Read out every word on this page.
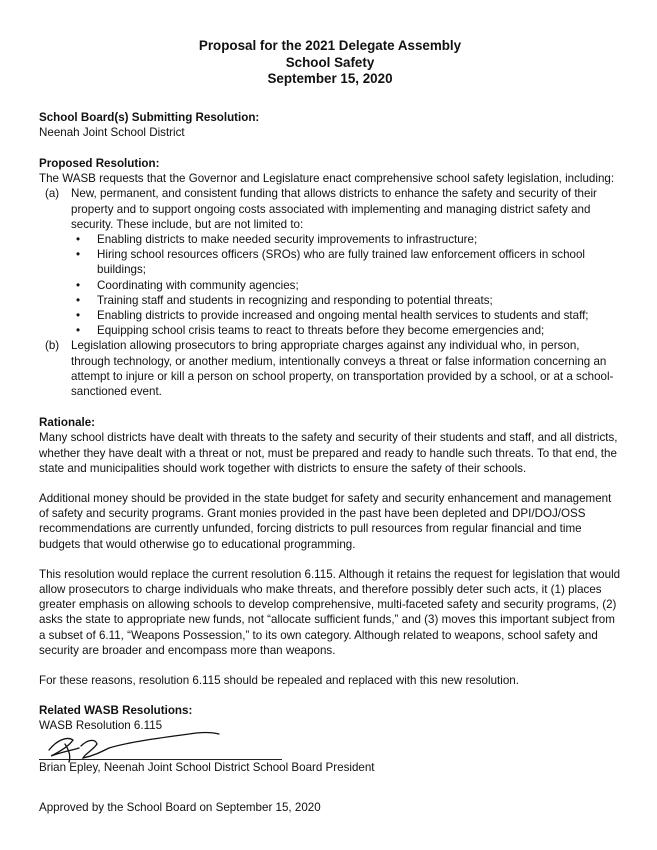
Proposal for the 2021 Delegate Assembly
School Safety
September 15, 2020
School Board(s) Submitting Resolution:
Neenah Joint School District
Proposed Resolution:
The WASB requests that the Governor and Legislature enact comprehensive school safety legislation, including:
(a) New, permanent, and consistent funding that allows districts to enhance the safety and security of their property and to support ongoing costs associated with implementing and managing district safety and security. These include, but are not limited to:
• Enabling districts to make needed security improvements to infrastructure;
• Hiring school resources officers (SROs) who are fully trained law enforcement officers in school buildings;
• Coordinating with community agencies;
• Training staff and students in recognizing and responding to potential threats;
• Enabling districts to provide increased and ongoing mental health services to students and staff;
• Equipping school crisis teams to react to threats before they become emergencies and;
(b) Legislation allowing prosecutors to bring appropriate charges against any individual who, in person, through technology, or another medium, intentionally conveys a threat or false information concerning an attempt to injure or kill a person on school property, on transportation provided by a school, or at a school-sanctioned event.
Rationale:

Many school districts have dealt with threats to the safety and security of their students and staff, and all districts, whether they have dealt with a threat or not, must be prepared and ready to handle such threats. To that end, the state and municipalities should work together with districts to ensure the safety of their schools.

Additional money should be provided in the state budget for safety and security enhancement and management of safety and security programs. Grant monies provided in the past have been depleted and DPI/DOJ/OSS recommendations are currently unfunded, forcing districts to pull resources from regular financial and time budgets that would otherwise go to educational programming.

This resolution would replace the current resolution 6.115. Although it retains the request for legislation that would allow prosecutors to charge individuals who make threats, and therefore possibly deter such acts, it (1) places greater emphasis on allowing schools to develop comprehensive, multi-faceted safety and security programs, (2) asks the state to appropriate new funds, not “allocate sufficient funds,” and (3) moves this important subject from a subset of 6.11, “Weapons Possession,” to its own category. Although related to weapons, school safety and security are broader and encompass more than weapons.

For these reasons, resolution 6.115 should be repealed and replaced with this new resolution.

Related WASB Resolutions:
WASB Resolution 6.115
Brian Epley, Neenah Joint School District School Board President
Approved by the School Board on September 15, 2020
